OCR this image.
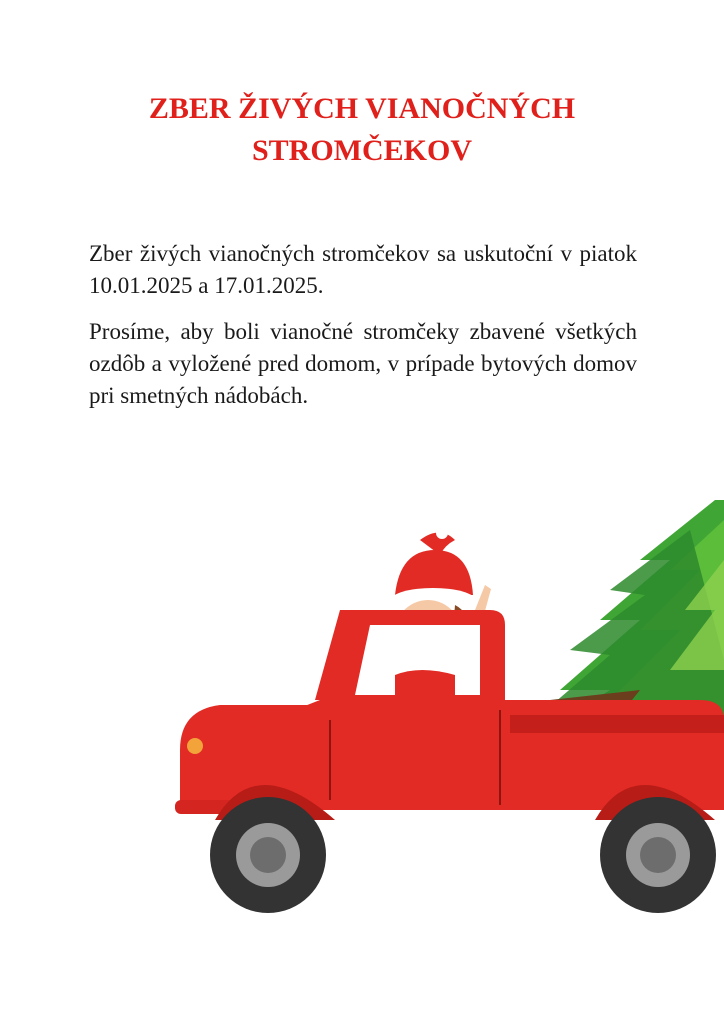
ZBER ŽIVÝCH VIANOČNÝCH
STROMČEKOV

Zber živých vianočných stromčekov sa uskutoční v piatok 10.01.2025 a 17.01.2025.

Prosíme, aby boli vianočné stromčeky zbavené všetkých ozdôb a vyložené pred domom, v prípade bytových domov pri smetných nádobách.
